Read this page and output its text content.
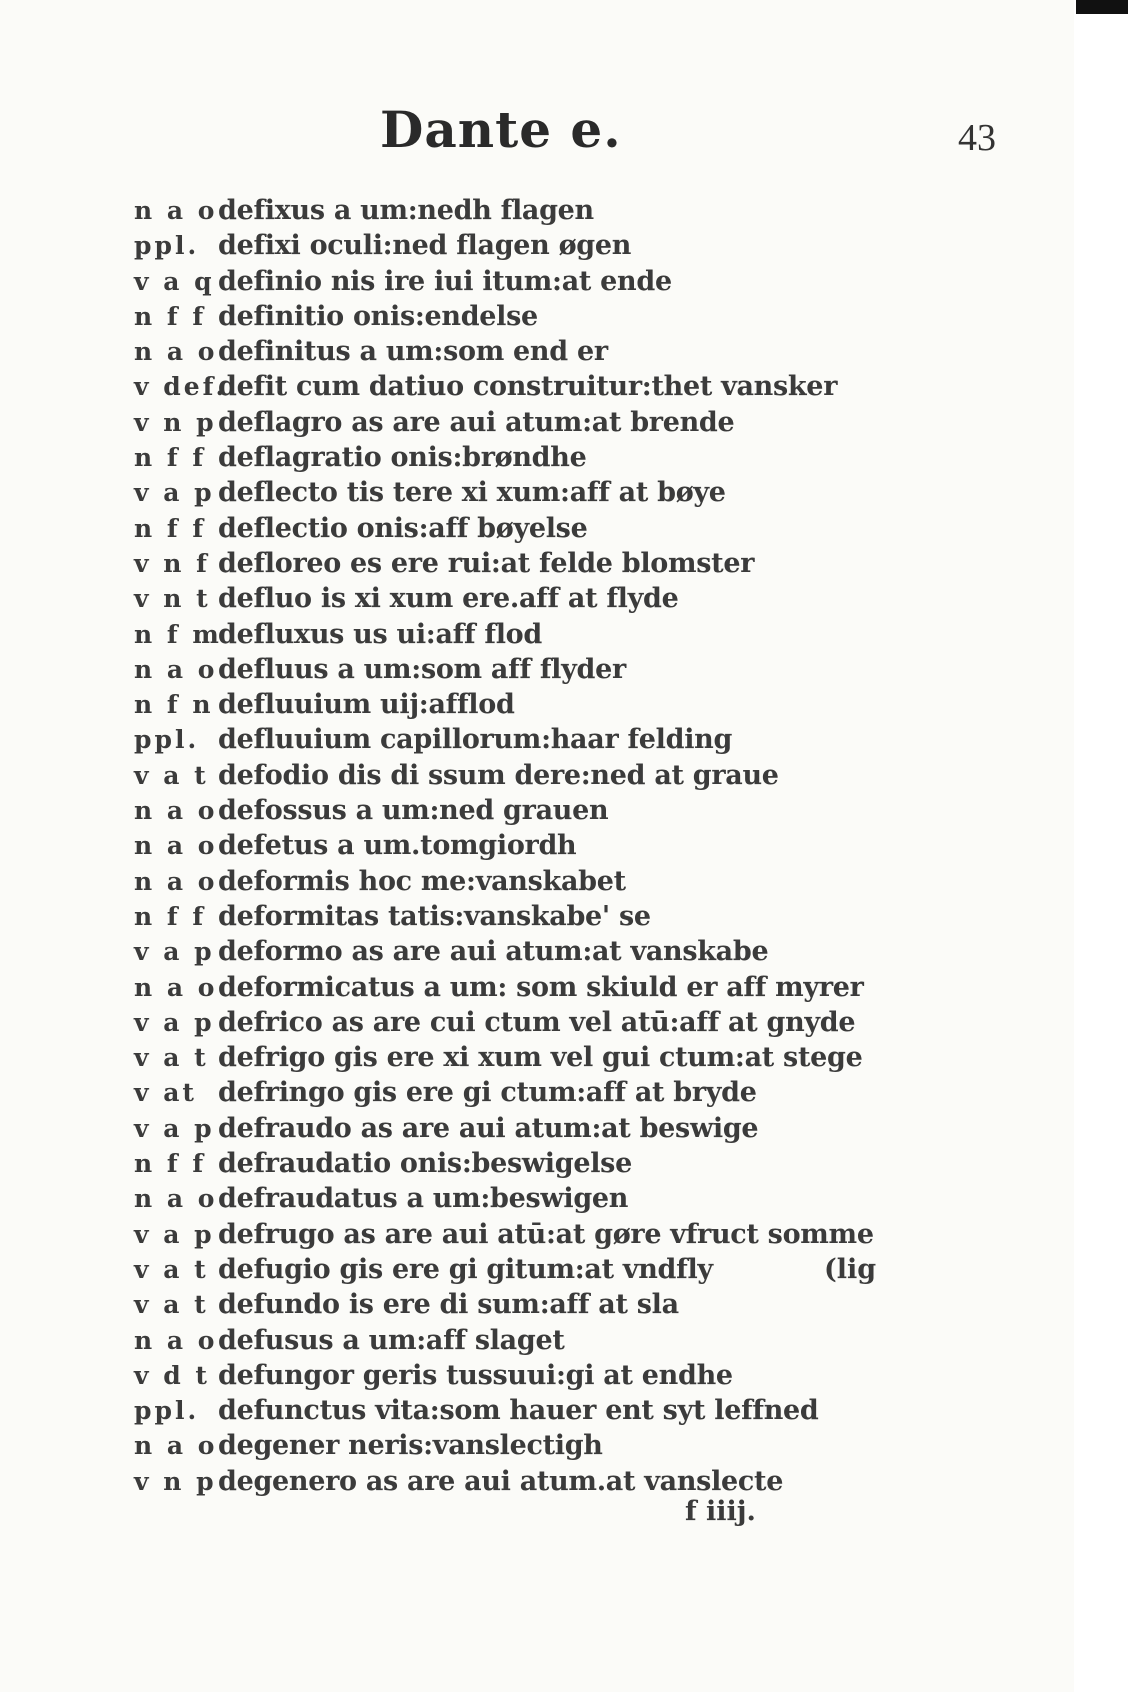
Dante e.	43
n a o defixus a um:nedh flagen
ppl. defixi oculi:ned flagen øgen
v a q definio nis ire iui itum:at ende
n f f definitio onis:endelse
n a o definitus a um:som end er
v def.
defit cum datiuo construitur:thet vansker
v n p deflagro as are aui atum:at brende
n f f deflagratio onis:brøndhe
v a p deflecto tis tere xi xum:aff at bøye
n f f deflectio onis:aff bøyelse
v n f defloreo es ere rui:at felde blomster
v n t defluo is xi xum ere.aff at flyde
n f m
defluxus us ui:aff flod
n a o defluus a um:som aff flyder
n f n defluuium uij:afflod
ppl. defluuium capillorum:haar felding
v a t defodio dis di ssum dere:ned at graue
n a o defossus a um:ned grauen
n a o defetus a um.tomgiordh
n a o deformis hoc me:vanskabet
n f f deformitas tatis:vanskabe' se
v a p deformo as are aui atum:at vanskabe
n a o deformicatus a um: som skiuld er aff myrer
v a p defrico as are cui ctum vel atū:aff at gnyde
v a t defrigo gis ere xi xum vel gui ctum:at stege
v at defringo gis ere gi ctum:aff at bryde
v a p defraudo as are aui atum:at beswige
n f f defraudatio onis:beswigelse
n a o defraudatus a um:beswigen
v a p defrugo as are aui atū:at gøre vfruct somme
v a t defugio gis ere gi gitum:at vndfly	(lig
v a t defundo is ere di sum:aff at sla
n a o defusus a um:aff slaget
v d t defungor geris tussuui:gi at endhe
ppl. defunctus vita:som hauer ent syt leffned
n a o degener neris:vanslectigh
v n p degenero as are aui atum.at vanslecte
f iiij.
